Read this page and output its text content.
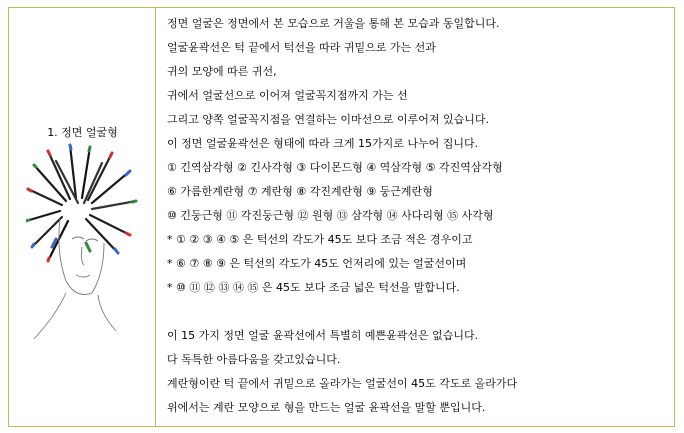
1. 정면 얼굴형
정면 얼굴은 정면에서 본 모습으로 거울을 통해 본 모습과 동일합니다.
얼굴윤곽선은 턱 끝에서 턱선을 따라 귀밑으로 가는 선과
귀의 모양에 따른 귀선,
귀에서 얼굴선으로 이어져 얼굴꼭지점까지 가는 선
그리고 양쪽 얼굴꼭지점을 연결하는 이마선으로 이루어져 있습니다.
이 정면 얼굴윤곽선은 형태에 따라 크게 15가지로 나누어 집니다.
① 긴역삼각형 ② 긴사각형 ③ 다이몬드형 ④ 역삼각형 ⑤ 각진역삼각형
⑥ 가름한계란형 ⑦ 계란형 ⑧ 각진계란형 ⑨ 둥근계란형
⑩ 긴둥근형 ⑪ 각진둥근형 ⑫ 원형 ⑬ 삼각형 ⑭ 사다리형 ⑮ 사각형
* ① ② ③ ④ ⑤ 은 턱선의 각도가 45도 보다 조금 적은 경우이고
* ⑥ ⑦ ⑧ ⑨ 은 턱선의 각도가 45도 언저리에 있는 얼굴선이며
* ⑩ ⑪ ⑫ ⑬ ⑭ ⑮ 은 45도 보다 조금 넓은 턱선을 말합니다.
이 15 가지 정면 얼굴 윤곽선에서 특별히 예쁜윤곽선은 없습니다.
다 독특한 아름다움을 갖고있습니다.
계란형이란 턱 끝에서 귀밑으로 올라가는 얼굴선이 45도 각도로 올라가다
위에서는 계란 모양으로 형을 만드는 얼굴 윤곽선을 말할 뿐입니다.
